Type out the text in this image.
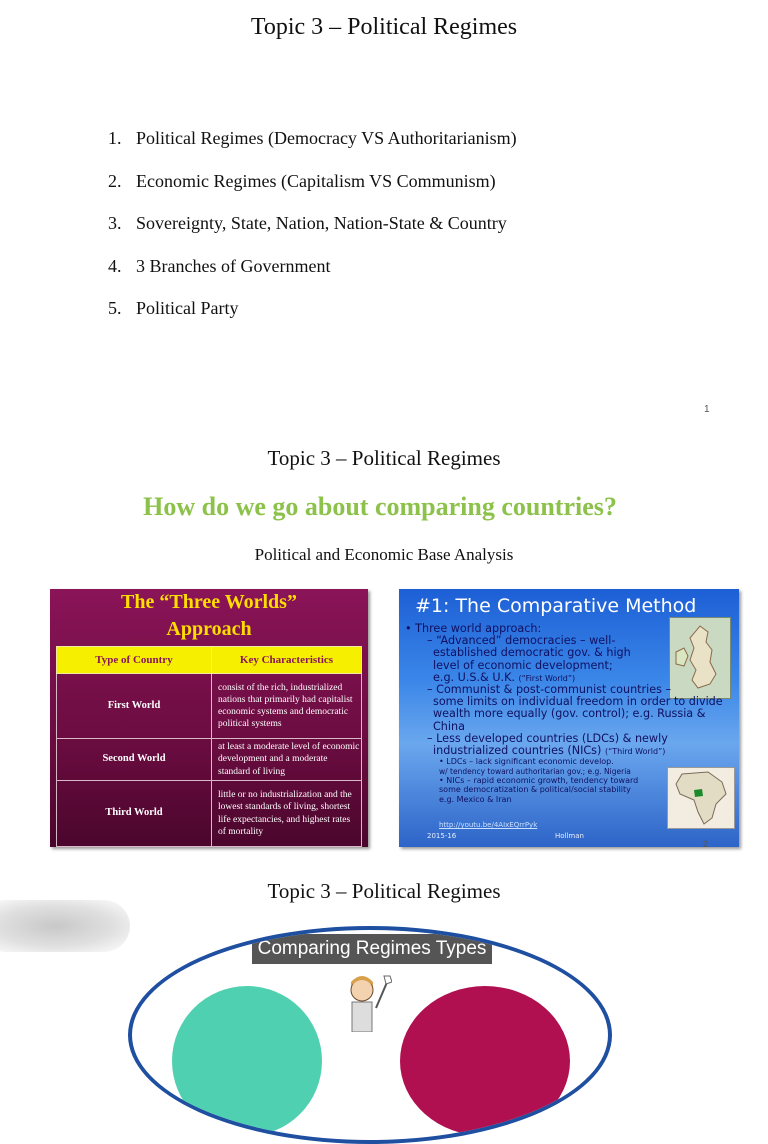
Topic 3 – Political Regimes
1. Political Regimes (Democracy VS Authoritarianism)
2. Economic Regimes (Capitalism VS Communism)
3. Sovereignty, State, Nation, Nation-State & Country
4. 3 Branches of Government
5. Political Party
1
Topic 3 – Political Regimes
How do we go about comparing countries?
Political and Economic Base Analysis
The “Three Worlds”
Approach
Type of Country	Key Characteristics
First World	consist of the rich, industrialized nations that primarily had capitalist economic systems and democratic political systems
Second World	at least a moderate level of economic development and a moderate standard of living
Third World	little or no industrialization and the lowest standards of living, shortest life expectancies, and highest rates of mortality
#1: The Comparative Method
• Three world approach:
– “Advanced” democracies – well-
established democratic gov. & high
level of economic development;
e.g. U.S.& U.K. (“First World”)
– Communist & post-communist countries –
some limits on individual freedom in order to divide
wealth more equally (gov. control); e.g. Russia &
China
– Less developed countries (LDCs) & newly
industrialized countries (NICs) (“Third World”)
• LDCs – lack significant economic develop.
w/ tendency toward authoritarian gov.; e.g. Nigeria
• NICs – rapid economic growth, tendency toward
some democratization & political/social stability
e.g. Mexico & Iran
http://youtu.be/4AIxEQrrPyk
2015-16	Hollman
2
Topic 3 – Political Regimes
Comparing Regimes Types
